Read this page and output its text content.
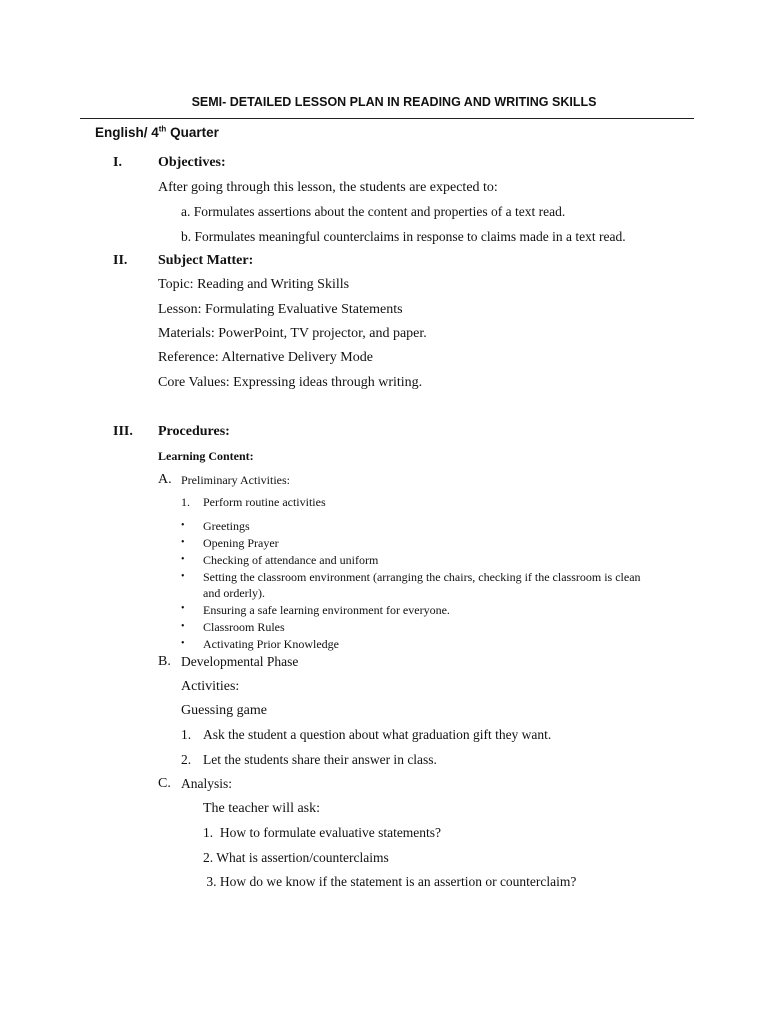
SEMI- DETAILED LESSON PLAN IN READING AND WRITING SKILLS
English/ 4th Quarter
I.	Objectives:
After going through this lesson, the students are expected to:
a. Formulates assertions about the content and properties of a text read.
b. Formulates meaningful counterclaims in response to claims made in a text read.
II. Subject Matter:
Topic: Reading and Writing Skills
Lesson: Formulating Evaluative Statements
Materials: PowerPoint, TV projector, and paper.
Reference: Alternative Delivery Mode
Core Values: Expressing ideas through writing.
III. Procedures:
Learning Content:
A. Preliminary Activities:
1. Perform routine activities
• Greetings
• Opening Prayer
• Checking of attendance and uniform
• Setting the classroom environment (arranging the chairs, checking if the classroom is clean
and orderly).
• Ensuring a safe learning environment for everyone.
• Classroom Rules
• Activating Prior Knowledge
B. Developmental Phase
Activities:
Guessing game
1. Ask the student a question about what graduation gift they want.
2. Let the students share their answer in class.
C. Analysis:
The teacher will ask:
1.  How to formulate evaluative statements?
2. What is assertion/counterclaims
3. How do we know if the statement is an assertion or counterclaim?
